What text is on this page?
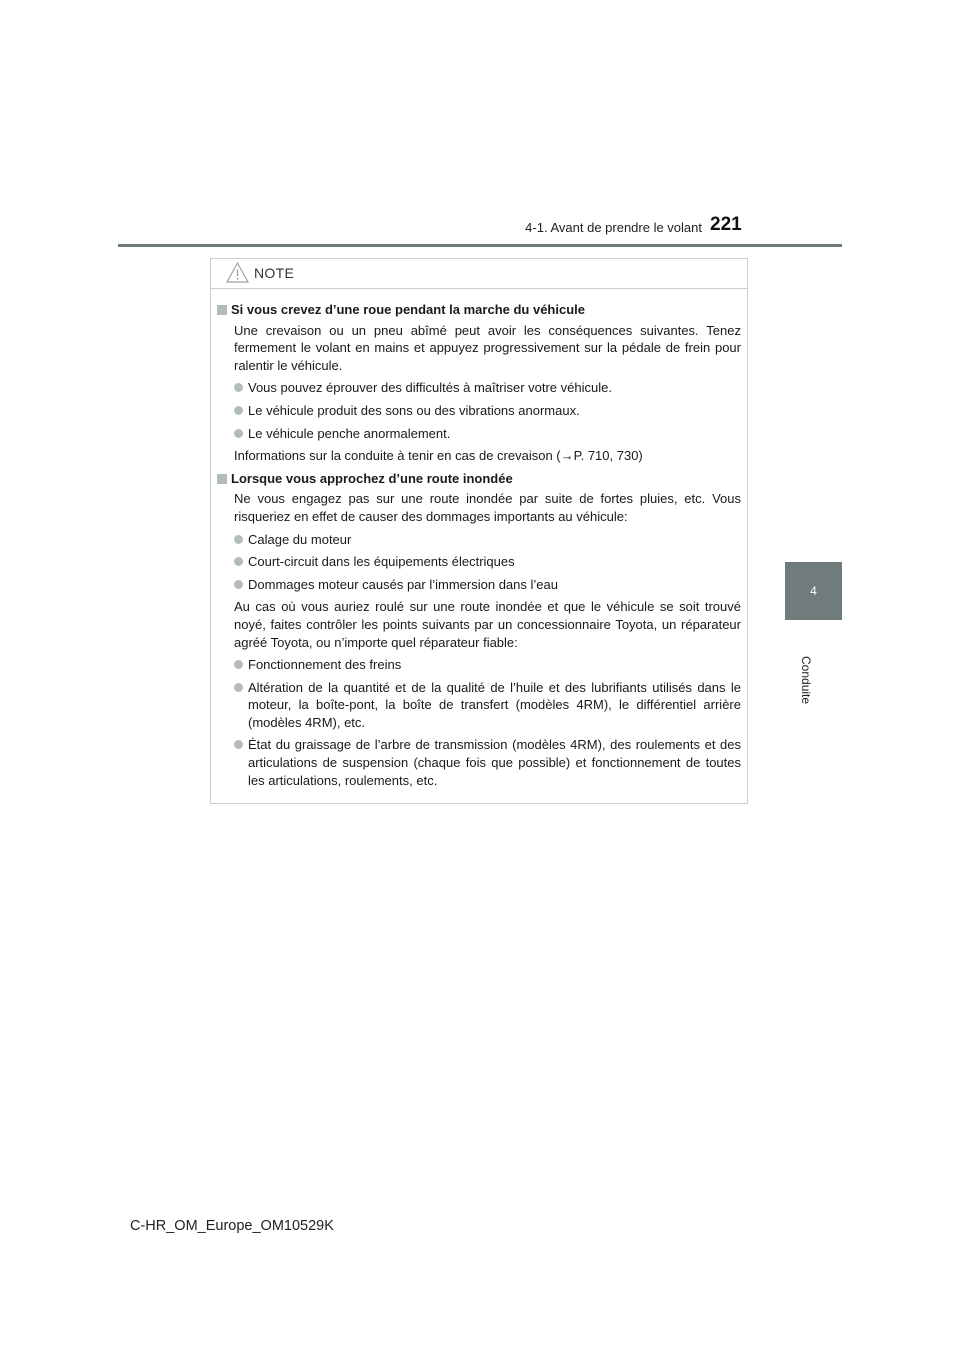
4-1. Avant de prendre le volant 221
4
Conduite
NOTE
Si vous crevez d’une roue pendant la marche du véhicule
Une crevaison ou un pneu abîmé peut avoir les conséquences suivantes. Tenez fermement le volant en mains et appuyez progressivement sur la pédale de frein pour ralentir le véhicule.
Vous pouvez éprouver des difficultés à maîtriser votre véhicule.
Le véhicule produit des sons ou des vibrations anormaux.
Le véhicule penche anormalement.
Informations sur la conduite à tenir en cas de crevaison (→P. 710, 730)
Lorsque vous approchez d’une route inondée
Ne vous engagez pas sur une route inondée par suite de fortes pluies, etc. Vous risqueriez en effet de causer des dommages importants au véhicule:
Calage du moteur
Court-circuit dans les équipements électriques
Dommages moteur causés par l’immersion dans l’eau
Au cas où vous auriez roulé sur une route inondée et que le véhicule se soit trouvé noyé, faites contrôler les points suivants par un concessionnaire Toyota, un réparateur agréé Toyota, ou n’importe quel réparateur fiable:
Fonctionnement des freins
Altération de la quantité et de la qualité de l’huile et des lubrifiants utilisés dans le moteur, la boîte-pont, la boîte de transfert (modèles 4RM), le différentiel arrière (modèles 4RM), etc.
État du graissage de l’arbre de transmission (modèles 4RM), des roulements et des articulations de suspension (chaque fois que possible) et fonctionnement de toutes les articulations, roulements, etc.
C-HR_OM_Europe_OM10529K
